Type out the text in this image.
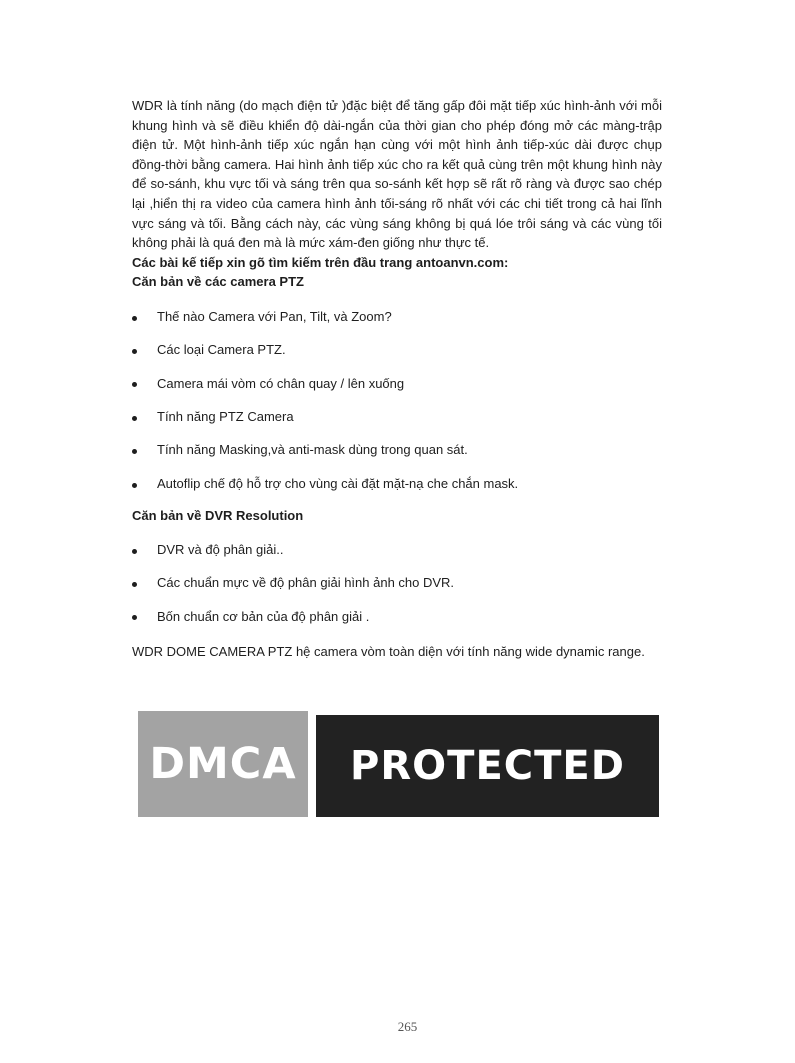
WDR là tính năng (do mạch điện tử )đặc biệt để tăng gấp đôi mặt tiếp xúc hình-ảnh với mỗi khung hình và sẽ điều khiển độ dài-ngắn của thời gian cho phép đóng mở các màng-trập điện tử. Một hình-ảnh tiếp xúc ngắn hạn cùng với một hình ảnh tiếp-xúc dài được chụp đồng-thời bằng camera. Hai hình ảnh tiếp xúc cho ra kết quả cùng trên một khung hình này để so-sánh, khu vực tối và sáng trên qua so-sánh kết hợp sẽ rất rõ ràng và được sao chép lại ,hiển thị ra video của camera hình ảnh tối-sáng rõ nhất với các chi tiết trong cả hai lĩnh vực sáng và tối. Bằng cách này, các vùng sáng không bị quá lóe trôi sáng và các vùng tối không phải là quá đen mà là mức xám-đen giống như thực tế.

Các bài kế tiếp xin gõ tìm kiếm trên đầu trang antoanvn.com:

Căn bản về các camera PTZ

Thế nào Camera với Pan, Tilt, và Zoom?
Các loại Camera PTZ.
Camera mái vòm có chân quay / lên xuống
Tính năng PTZ Camera
Tính năng Masking,và anti-mask dùng trong quan sát.
Autoflip chế độ hỗ trợ cho vùng cài đặt mặt-nạ che chắn mask.

Căn bản về DVR Resolution

DVR và độ phân giải..
Các chuẩn mực về độ phân giải hình ảnh cho DVR.
Bốn chuẩn cơ bản của độ phân giải .

WDR DOME CAMERA PTZ hệ camera vòm toàn diện với tính năng wide dynamic range.

DMCA PROTECTED
265
